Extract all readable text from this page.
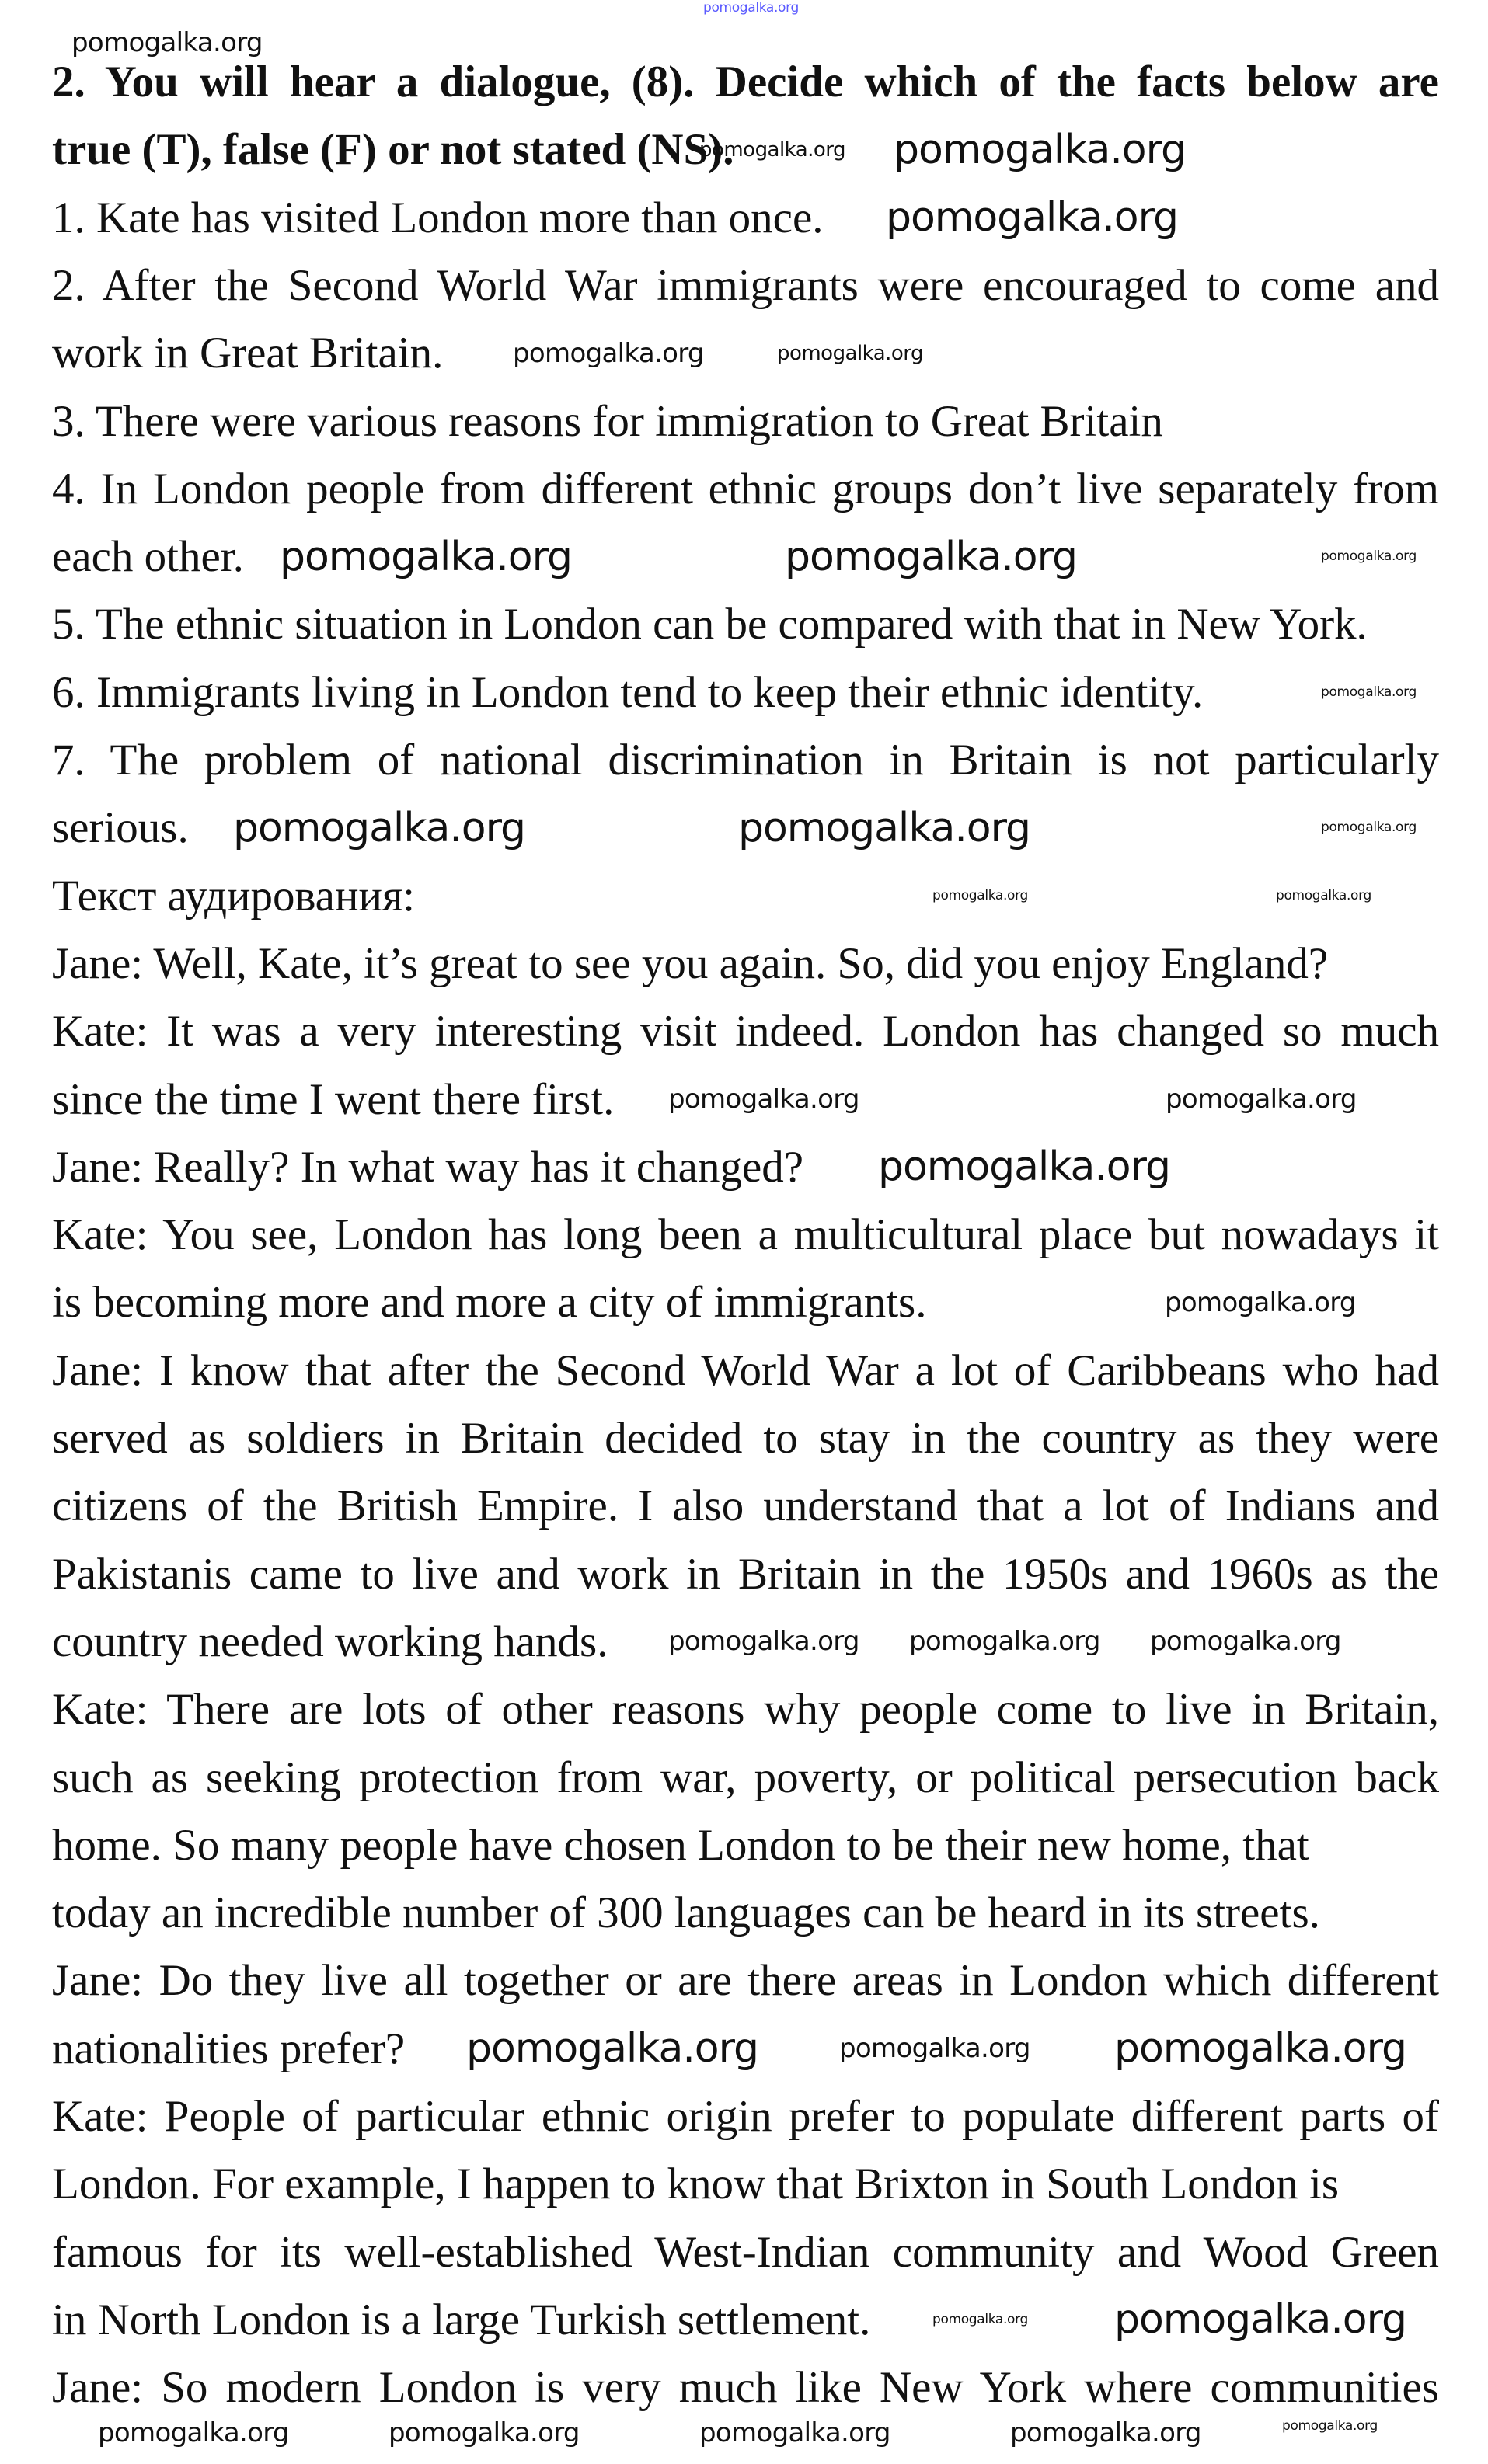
2. You will hear a dialogue, (8). Decide which of the facts below are
true (T), false (F) or not stated (NS).
1. Kate has visited London more than once.
2. After the Second World War immigrants were encouraged to come and
work in Great Britain.
3. There were various reasons for immigration to Great Britain
4. In London people from different ethnic groups don’t live separately from
each other.
5. The ethnic situation in London can be compared with that in New York.
6. Immigrants living in London tend to keep their ethnic identity.
7. The problem of national discrimination in Britain is not particularly
serious.
Текст аудирования:
Jane: Well, Kate, it’s great to see you again. So, did you enjoy England?
Kate: It was a very interesting visit indeed. London has changed so much
since the time I went there first.
Jane: Really? In what way has it changed?
Kate: You see, London has long been a multicultural place but nowadays it
is becoming more and more a city of immigrants.
Jane: I know that after the Second World War a lot of Caribbeans who had
served as soldiers in Britain decided to stay in the country as they were
citizens of the British Empire. I also understand that a lot of Indians and
Pakistanis came to live and work in Britain in the 1950s and 1960s as the
country needed working hands.
Kate: There are lots of other reasons why people come to live in Britain,
such as seeking protection from war, poverty, or political persecution back
home. So many people have chosen London to be their new home, that
today an incredible number of 300 languages can be heard in its streets.
Jane: Do they live all together or are there areas in London which different
nationalities prefer?
Kate: People of particular ethnic origin prefer to populate different parts of
London. For example, I happen to know that Brixton in South London is
famous for its well-established West-Indian community and Wood Green
in North London is a large Turkish settlement.
Jane: So modern London is very much like New York where communities
pomogalka.org
pomogalka.org
pomogalka.org pomogalka.org
pomogalka.org
pomogalka.org	pomogalka.org
pomogalka.org	pomogalka.org	pomogalka.org
pomogalka.org
pomogalka.org
pomogalka.org	pomogalka.org
pomogalka.org
pomogalka.org
pomogalka.org	pomogalka.org
pomogalka.org
pomogalka.org
pomogalka.org pomogalka.org pomogalka.org
pomogalka.org	pomogalka.org pomogalka.org
pomogalka.org pomogalka.org
pomogalka.org	pomogalka.org	pomogalka.org	pomogalka.org	pomogalka.org
